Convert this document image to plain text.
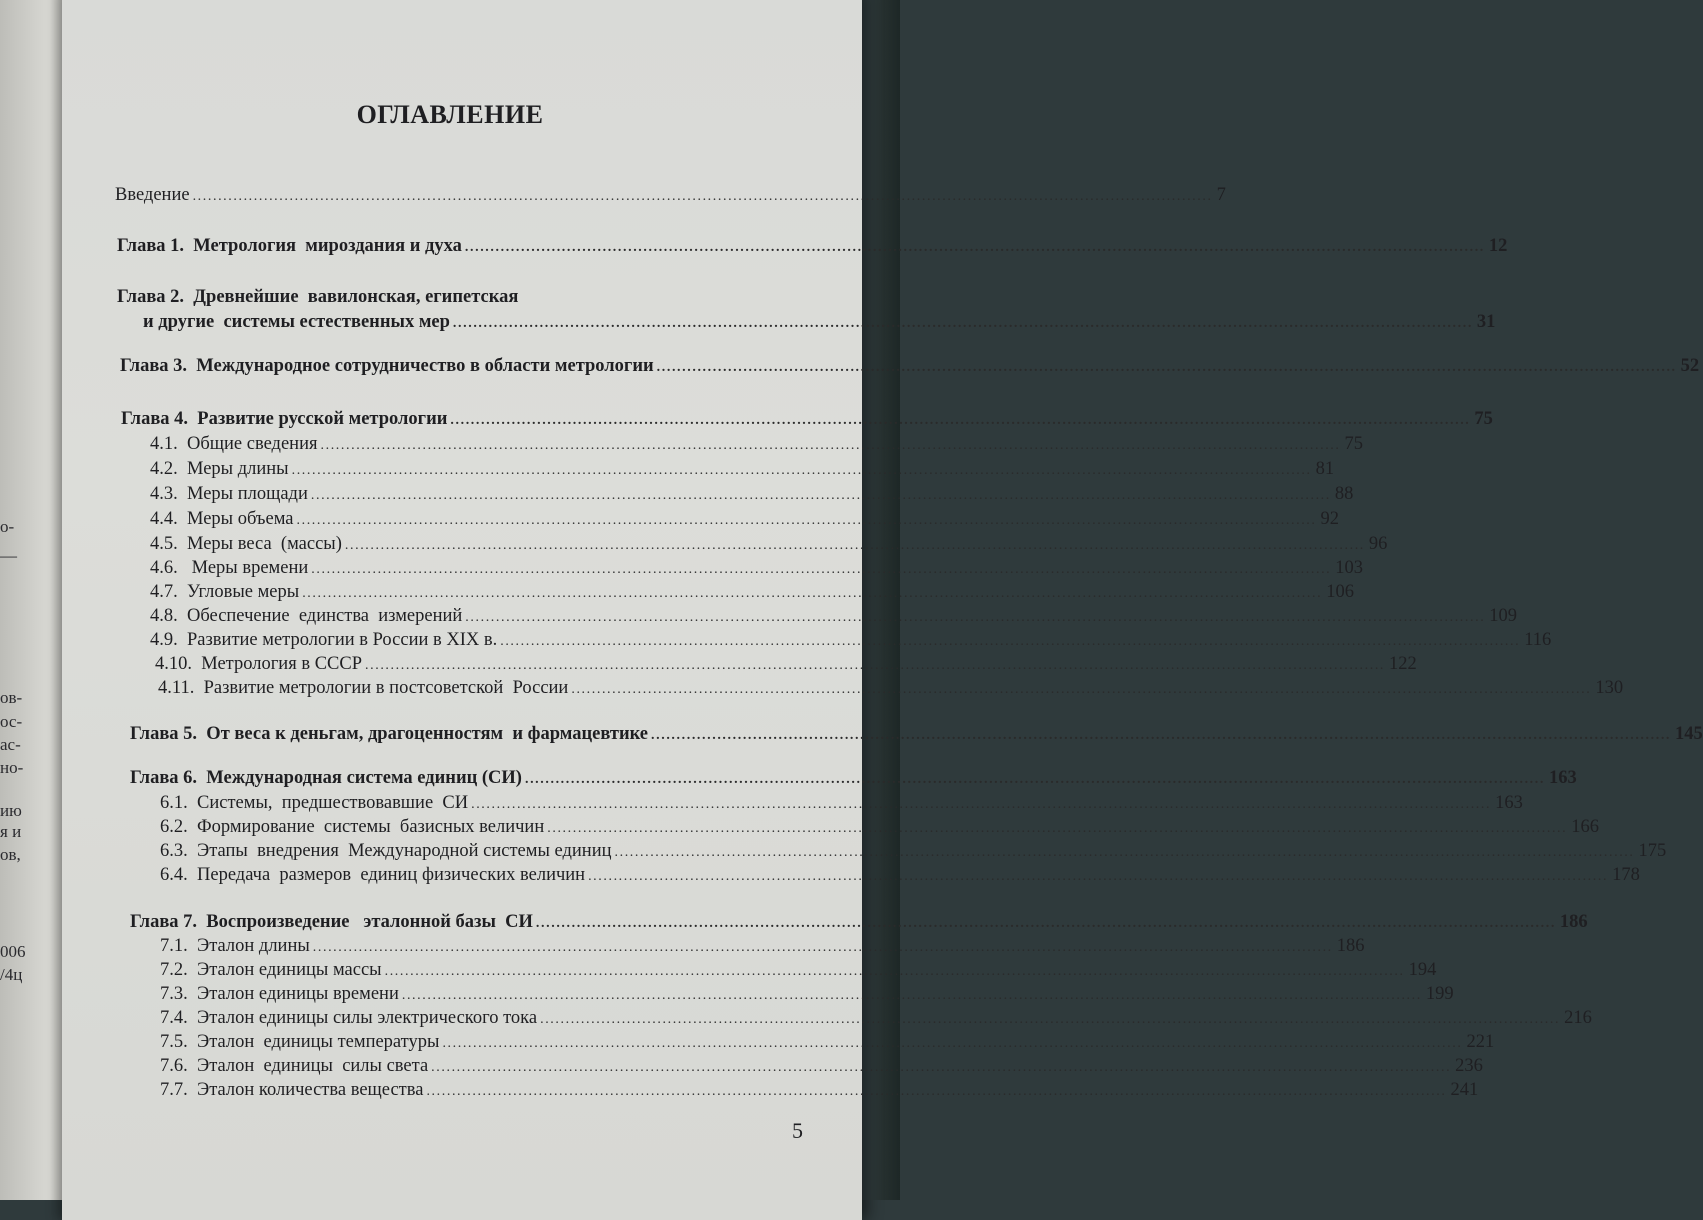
о-
—
ов-
ос-
ас-
но-
ию
я и
ов,
006
/4ц
ОГЛАВЛЕНИЕ
Введение ........................................................................................................................................................................................................ 7
Глава 1.  Метрология  мироздания и духа ........................................................................................................................................................................................................ 12
Глава 2.  Древнейшие  вавилонская, египетская
и другие  системы естественных мер ........................................................................................................................................................................................................ 31
Глава 3.  Международное сотрудничество в области метрологии ........................................................................................................................................................................................................ 52
Глава 4.  Развитие русской метрологии ........................................................................................................................................................................................................ 75
4.1.  Общие сведения ........................................................................................................................................................................................................ 75
4.2.  Меры длины ........................................................................................................................................................................................................ 81
4.3.  Меры площади ........................................................................................................................................................................................................ 88
4.4.  Меры объема ........................................................................................................................................................................................................ 92
4.5.  Меры веса  (массы) ........................................................................................................................................................................................................ 96
4.6.   Меры времени ........................................................................................................................................................................................................ 103
4.7.  Угловые меры ........................................................................................................................................................................................................ 106
4.8.  Обеспечение  единства  измерений ........................................................................................................................................................................................................ 109
4.9.  Развитие метрологии в России в XIX в. ........................................................................................................................................................................................................ 116
4.10.  Метрология в СССР ........................................................................................................................................................................................................ 122
4.11.  Развитие метрологии в постсоветской  России ........................................................................................................................................................................................................ 130
Глава 5.  От веса к деньгам, драгоценностям  и фармацевтике ........................................................................................................................................................................................................ 145
Глава 6.  Международная система единиц (СИ) ........................................................................................................................................................................................................ 163
6.1.  Системы,  предшествовавшие  СИ ........................................................................................................................................................................................................ 163
6.2.  Формирование  системы  базисных величин ........................................................................................................................................................................................................ 166
6.3.  Этапы  внедрения  Международной системы единиц ........................................................................................................................................................................................................ 175
6.4.  Передача  размеров  единиц физических величин ........................................................................................................................................................................................................ 178
Глава 7.  Воспроизведение   эталонной базы  СИ ........................................................................................................................................................................................................ 186
7.1.  Эталон длины ........................................................................................................................................................................................................ 186
7.2.  Эталон единицы массы ........................................................................................................................................................................................................ 194
7.3.  Эталон единицы времени ........................................................................................................................................................................................................ 199
7.4.  Эталон единицы силы электрического тока ........................................................................................................................................................................................................ 216
7.5.  Эталон  единицы температуры ........................................................................................................................................................................................................ 221
7.6.  Эталон  единицы  силы света ........................................................................................................................................................................................................ 236
7.7.  Эталон количества вещества ........................................................................................................................................................................................................ 241
5
